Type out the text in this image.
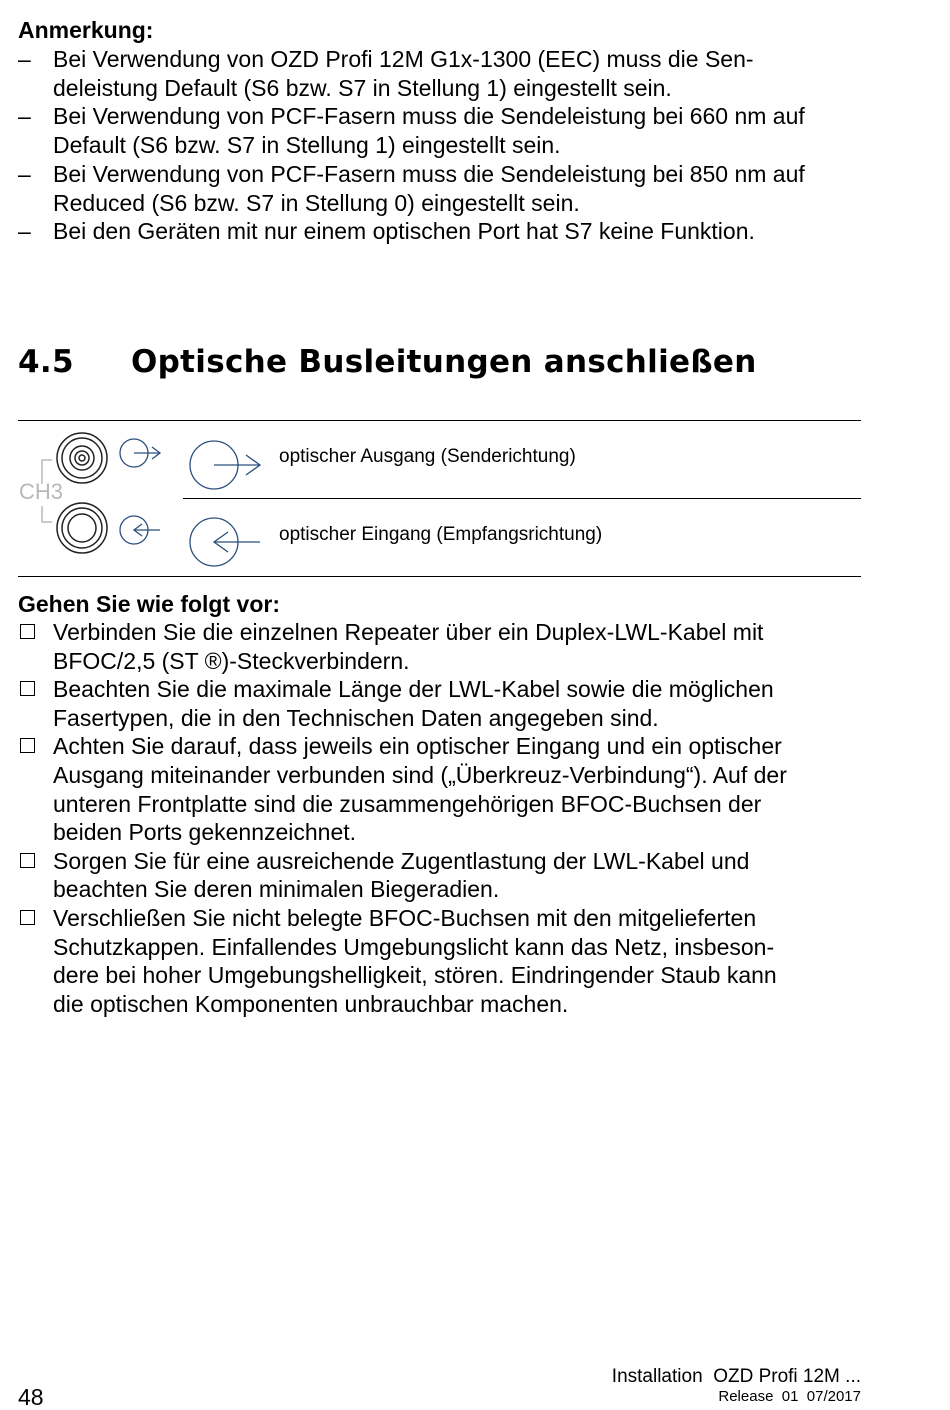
Anmerkung:
– Bei Verwendung von OZD Profi 12M G1x-1300 (EEC) muss die Sen-
deleistung Default (S6 bzw. S7 in Stellung 1) eingestellt sein.
– Bei Verwendung von PCF-Fasern muss die Sendeleistung bei 660 nm auf
Default (S6 bzw. S7 in Stellung 1) eingestellt sein.
– Bei Verwendung von PCF-Fasern muss die Sendeleistung bei 850 nm auf
Reduced (S6 bzw. S7 in Stellung 0) eingestellt sein.
– Bei den Geräten mit nur einem optischen Port hat S7 keine Funktion.
4.5 Optische Busleitungen anschließen
CH3
optischer Ausgang (Senderichtung)
optischer Eingang (Empfangsrichtung)
Gehen Sie wie folgt vor:
Verbinden Sie die einzelnen Repeater über ein Duplex-LWL-Kabel mit
BFOC/2,5 (ST ®)-Steckverbindern.
Beachten Sie die maximale Länge der LWL-Kabel sowie die möglichen
Fasertypen, die in den Technischen Daten angegeben sind.
Achten Sie darauf, dass jeweils ein optischer Eingang und ein optischer
Ausgang miteinander verbunden sind („Überkreuz-Verbindung“). Auf der
unteren Frontplatte sind die zusammengehörigen BFOC-Buchsen der
beiden Ports gekennzeichnet.
Sorgen Sie für eine ausreichende Zugentlastung der LWL-Kabel und
beachten Sie deren minimalen Biegeradien.
Verschließen Sie nicht belegte BFOC-Buchsen mit den mitgelieferten
Schutzkappen. Einfallendes Umgebungslicht kann das Netz, insbeson-
dere bei hoher Umgebungshelligkeit, stören. Eindringender Staub kann
die optischen Komponenten unbrauchbar machen.
48
Installation  OZD Profi 12M ...
Release  01  07/2017
